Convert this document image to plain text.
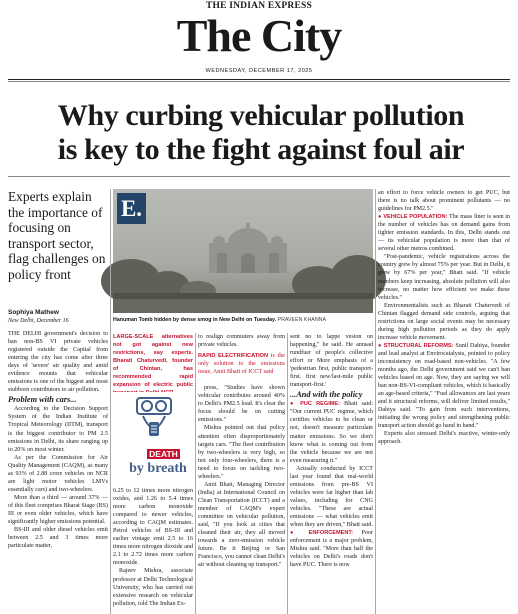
THE INDIAN EXPRESS
The City
WEDNESDAY, DECEMBER 17, 2025
Why curbing vehicular pollution
is key to the fight against foul air
Experts explain the importance of focusing on transport sector, flag challenges on policy front
Sophiya Mathew
New Delhi, December 16

THE DELHI government's decision to ban non-BS VI private vehicles registered outside the Capital from entering the city has come after three days of 'severe' air quality and amid evidence mounts that vehicular emissions is one of the biggest and most stubborn contributors to air pollution.

Problem with cars...

According to the Decision Support System of the Indian Institute of Tropical Meteorology (IITM), transport is the biggest contributor to PM 2.5 emissions in Delhi, its share ranging up to 20% on most winter.

As per the Commission for Air Quality Management (CAQM), as many as 93% of 2.88 crore vehicles on NCR are light motor vehicles LMVs essentially cars) and two-wheelers.

More than a third — around 37% — of this fleet comprises Bharat Stage (BS) III or even older vehicles, which have significantly higher emissions potential.

BS-III and older diesel vehicles emit between 2.5 and 3 times more particulate matter,

E.
Hanuman Tomb hidden by dense smog in New Delhi on Tuesday. PRAVEEN KHANNA

LARGE-SCALE alternatives not got against new restrictions, say experts. Bharati Chaturvedi, founder of Chintan, has recommended rapid expansion of electric public

DEATH
by breath

6.25 to 12 times more nitrogen oxides, and 1.26 to 5.4 times more carbon monoxide compared to newer vehicles, according to CAQM estimates. Petrol vehicles of BS-III and earlier vintage emit 2.5 to 16 times more nitrogen dioxide and 2.1 to 2.72 times more carbon monoxide.

Rajeev Mishra, associate professor at Delhi Technological University, who has carried out extensive research on vehicular pollution, told The Indian Ex-

to realign commuters away from private vehicles.

RAPID ELECTRIFICATION is the only solution to the emissions issue, Amit Bhatt of ICCT said

press, "Studies have shown vehicular contributes around 40% to Delhi's PM2.5 load. It's clear the focus should be on cutting emissions."

Mishra pointed out that policy attention often disproportionately targets cars. "The fleet contribution by two-wheelers is very high, so not only four-wheelers, there is a need to focus on tackling two-wheelers."

Amit Bhatt, Managing Director (India) at International Council on Clean Transportation (ICCT) and a member of CAQM's expert committee on vehicular pollution, said, "If you look at cities that cleaned their air, they all moved towards a zero-emission vehicle future. Be it Beijing or San Francisco, you cannot clean Delhi's air without cleaning up transport."

sent no to lappe vesion on happening," he said. He annsad rundfuer of people's collective effort or More emphasis of a 'pedestrian first, public transport-first. first new/last-mile public transport-first.'

...And with the policy

● PUC REGIME: Bhatt said: "Our current PUC regime, which certifies vehicles to be clean or not, doesn't measure particulate matter emissions. So we don't know what is coming out from the vehicle because we are not even measuring it."

Actually conducted by ICCT last year found that real-world emissions from pre-BS VI vehicles were far higher than lab values, including for CNG vehicles. "These are actual emissions — what vehicles emit when they are driven," Bhatt said.

● ENFORCEMENT: Poor enforcement is a major problem, Mishra said. "More than half the vehicles on Delhi's roads don't have PUC. There is now

an effort to force vehicle owners to get PUC, but there is no talk about prominent pollutants — no guidelines for PM2.5."

● VEHICLE POPULATION: The mass liner is seen in the number of vehicles has on demand gains from tighter emission standards. In this, Delhi stands out — its vehicular population is more than that of several other metros combined.

"Post-pandemic, vehicle registrations across the country grew by almost 75% per year. But in Delhi, it grew by 67% per year," Bhatt said. "If vehicle numbers keep increasing, absolute pollution will also increase, no matter how efficient we make these vehicles."

Environmentalists such as Bharati Chaturvedi of Chintan flagged demand side controls, arguing that restrictions on large social events may be necessary during high pollution periods as they do apply increase vehicle movement.

● STRUCTURAL REFORMS: Sunil Dahiya, founder and lead analyst at Envirocatalysts, pointed to policy inconsistency on road-based non-vehicles. "A few months ago, the Delhi government said we can't ban vehicles based on age. Now, they are saying we will ban non-BS-VI-compliant vehicles, which is basically an age-based criteria," "Fuel allowances are last years and it structural reforms, will deliver limited results," Dahiya said. "To gain from such interventions, initiating the wrong policy and strengthening public transport action should go hand in hand."

Experts also stressed Delhi's reactive, winter-only approach.
